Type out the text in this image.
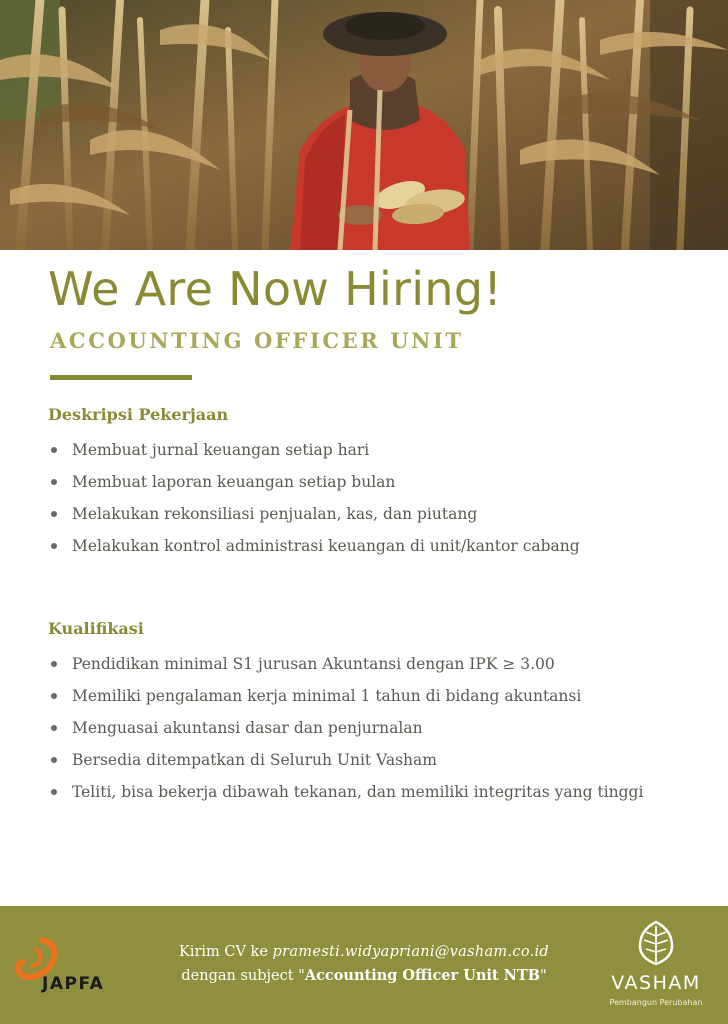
We Are Now Hiring!
ACCOUNTING OFFICER UNIT
Deskripsi Pekerjaan
Membuat jurnal keuangan setiap hari
Membuat laporan keuangan setiap bulan
Melakukan rekonsiliasi penjualan, kas, dan piutang
Melakukan kontrol administrasi keuangan di unit/kantor cabang
Kualifikasi
Pendidikan minimal S1 jurusan Akuntansi dengan IPK ≥ 3.00
Memiliki pengalaman kerja minimal 1 tahun di bidang akuntansi
Menguasai akuntansi dasar dan penjurnalan
Bersedia ditempatkan di Seluruh Unit Vasham
Teliti, bisa bekerja dibawah tekanan, dan memiliki integritas yang tinggi
JAPFA
Kirim CV ke pramesti.widyapriani@vasham.co.id
dengan subject "Accounting Officer Unit NTB"	VASHAM
Pembangun Perubahan
